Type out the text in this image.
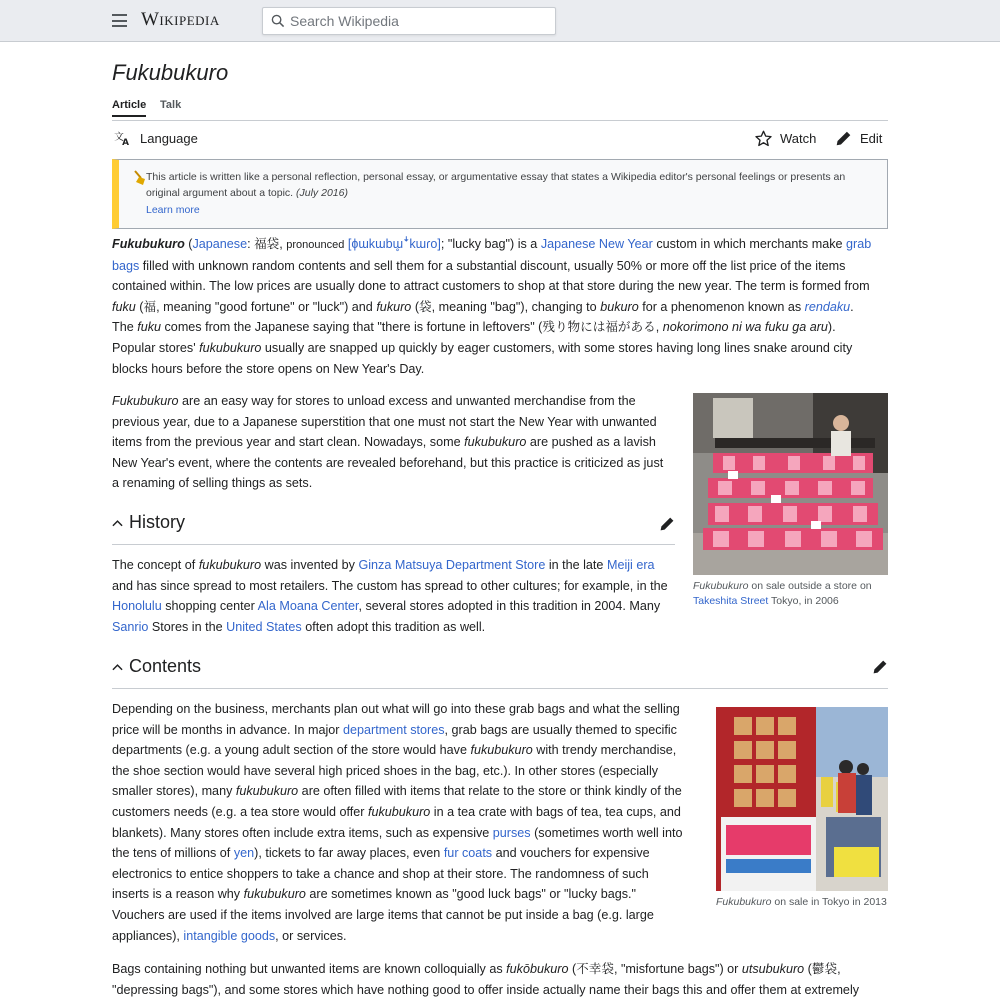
Wikipedia
Search Wikipedia
Fukubukuro
Article Talk
文
A Language	Watch	Edit
This article is written like a personal reflection, personal essay, or argumentative essay that states a Wikipedia editor's personal feelings or presents an original argument about a topic. (July 2016)
Learn more
Fukubukuro (Japanese: 福袋, pronounced [ɸɯkɯbɯ̥ꜜkɯɾo]; "lucky bag") is a Japanese New Year custom in which merchants make grab
bags filled with unknown random contents and sell them for a substantial discount, usually 50% or more off the list price of the items
contained within. The low prices are usually done to attract customers to shop at that store during the new year. The term is formed from
fuku (福, meaning "good fortune" or "luck") and fukuro (袋, meaning "bag"), changing to bukuro for a phenomenon known as rendaku.
The fuku comes from the Japanese saying that "there is fortune in leftovers" (残り物には福がある, nokorimono ni wa fuku ga aru).
Popular stores' fukubukuro usually are snapped up quickly by eager customers, with some stores having long lines snake around city
blocks hours before the store opens on New Year's Day.
Fukubukuro are an easy way for stores to unload excess and unwanted merchandise from the
previous year, due to a Japanese superstition that one must not start the New Year with unwanted
items from the previous year and start clean. Nowadays, some fukubukuro are pushed as a lavish
New Year's event, where the contents are revealed beforehand, but this practice is criticized as just
a renaming of selling things as sets.
Fukubukuro on sale outside a store on
Takeshita Street Tokyo, in 2006
History
The concept of fukubukuro was invented by Ginza Matsuya Department Store in the late Meiji era
and has since spread to most retailers. The custom has spread to other cultures; for example, in the
Honolulu shopping center Ala Moana Center, several stores adopted in this tradition in 2004. Many
Sanrio Stores in the United States often adopt this tradition as well.
Contents
Depending on the business, merchants plan out what will go into these grab bags and what the selling
price will be months in advance. In major department stores, grab bags are usually themed to specific
departments (e.g. a young adult section of the store would have fukubukuro with trendy merchandise,
the shoe section would have several high priced shoes in the bag, etc.). In other stores (especially
smaller stores), many fukubukuro are often filled with items that relate to the store or think kindly of the
customers needs (e.g. a tea store would offer fukubukuro in a tea crate with bags of tea, tea cups, and
blankets). Many stores often include extra items, such as expensive purses (sometimes worth well into
the tens of millions of yen), tickets to far away places, even fur coats and vouchers for expensive
electronics to entice shoppers to take a chance and shop at their store. The randomness of such
inserts is a reason why fukubukuro are sometimes known as "good luck bags" or "lucky bags."
Vouchers are used if the items involved are large items that cannot be put inside a bag (e.g. large
appliances), intangible goods, or services.
Fukubukuro on sale in Tokyo in 2013
Bags containing nothing but unwanted items are known colloquially as fukōbukuro (不幸袋, "misfortune bags") or utsubukuro (鬱袋,
"depressing bags"), and some stores which have nothing good to offer inside actually name their bags this and offer them at extremely
